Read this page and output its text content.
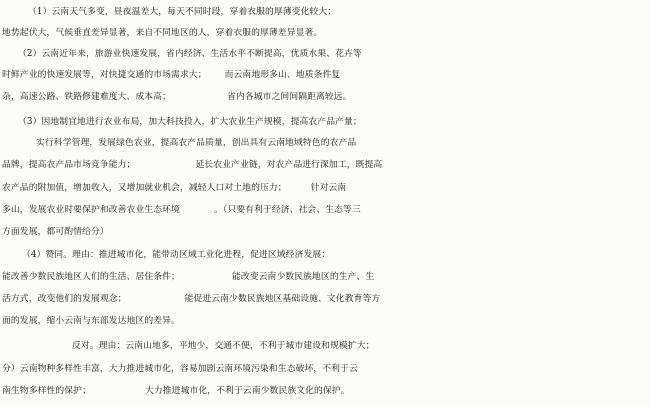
（1）云南天气多变，昼夜温差大，每天不同时段，穿着衣服的厚薄变化较大；
地势起伏大，气候垂直差异显著，来自不同地区的人，穿着衣服的厚薄差异显著。
（2）云南近年来，旅游业快速发展，省内经济、生活水平不断提高，优质水果、花卉等
时鲜产业的快速发展等，对快捷交通的市场需求大； 而云南地形多山、地质条件复
杂，高速公路、铁路修建难度大、成本高；	省内各城市之间间隔距离较远。
（3）因地制宜地进行农业布局，加大科技投入，扩大农业生产规模，提高农产品产量；
实行科学管理，发展绿色农业，提高农产品质量，创出具有云南地域特色的农产品
品牌，提高农产品市场竞争能力；	延长农业产业链，对农产品进行深加工，既提高
农产品的附加值，增加收入，又增加就业机会，减轻人口对土地的压力；	针对云南
多山，发展农业时要保护和改善农业生态环境	。（只要有利于经济、社会、生态等三
方面发展，都可酌情给分）
（4）赞同。理由：推进城市化，能带动区域工业化进程，促进区域经济发展；
能改善少数民族地区人们的生活、居住条件；	能改变云南少数民族地区的生产、生
活方式，改变他们的发展观念；	能促进云南少数民族地区基础设施、文化教育等方
面的发展，缩小云南与东部发达地区的差异。
反对。理由：云南山地多，平地少，交通不便，不利于城市建设和规模扩大；
分）云南物种多样性丰富，大力推进城市化，容易加剧云南环境污染和生态破坏，不利于云
南生物多样性的保护；	大力推进城市化，不利于云南少数民族文化的保护。
